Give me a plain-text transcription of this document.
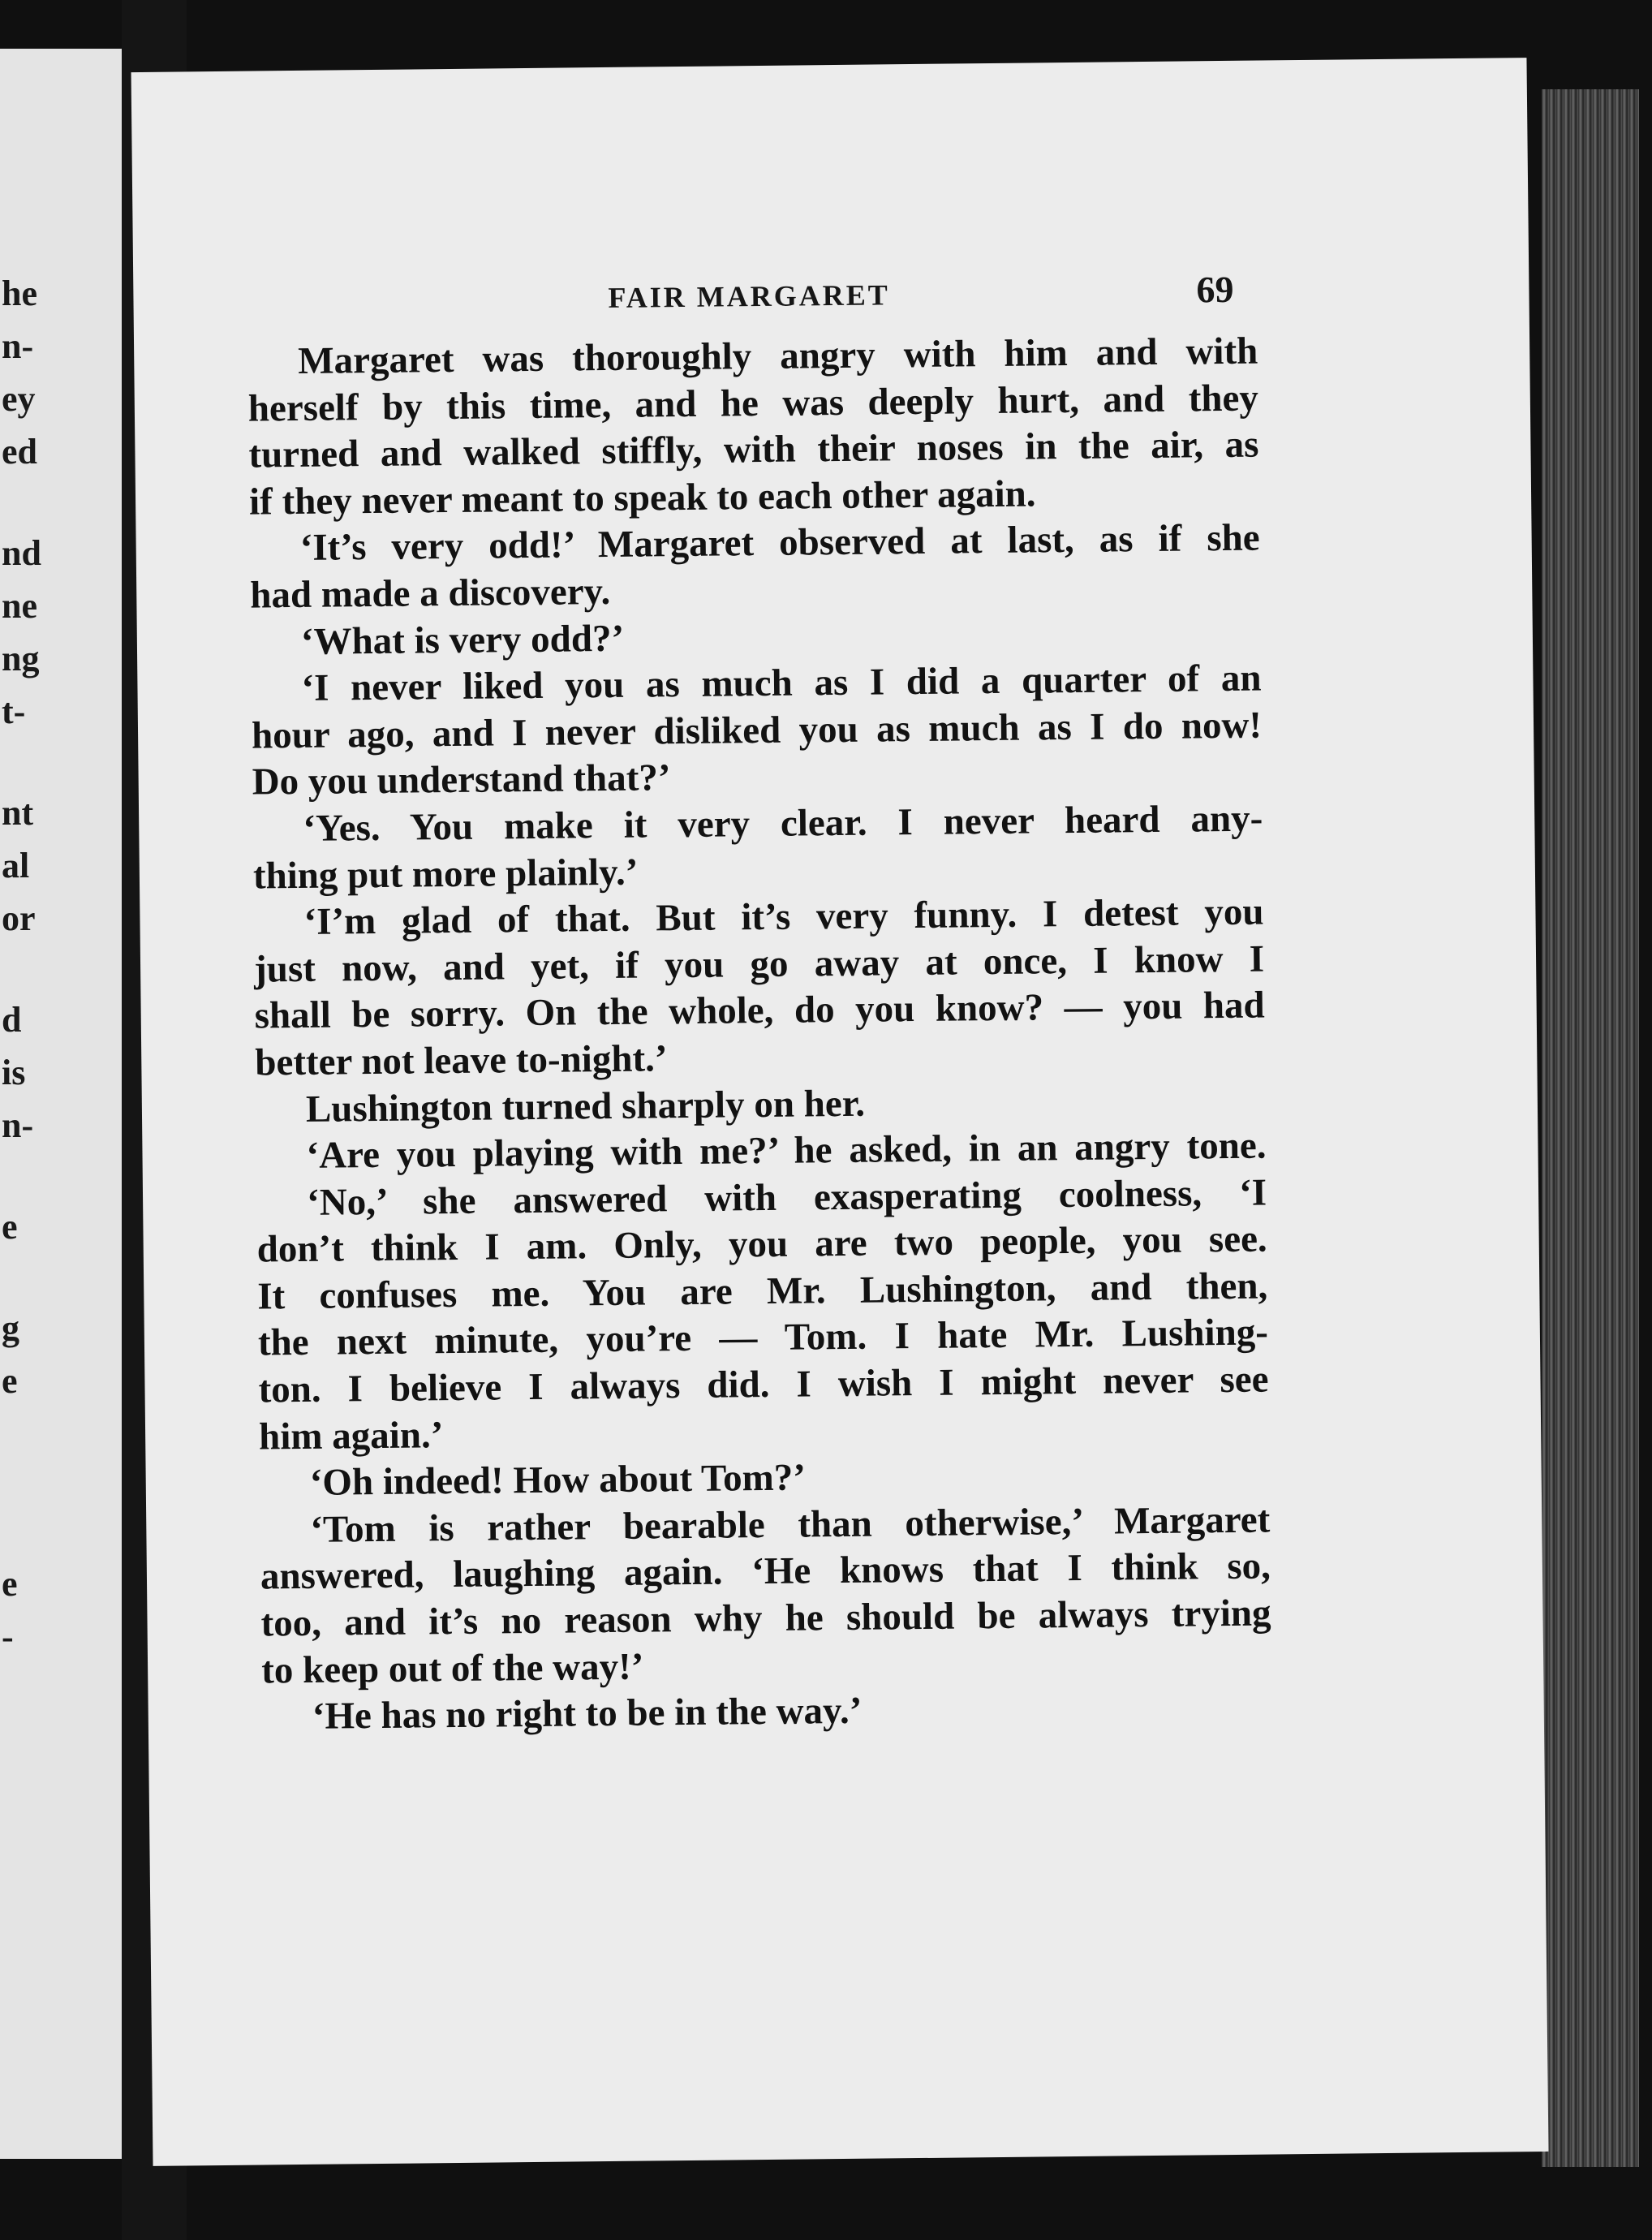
he
n-
ey
ed
nd
ne
ng
t-
nt
al
or
d
is
n-
e
g
e
e
-
FAIR MARGARET	69
Margaret was thoroughly angry with him and with
herself by this time, and he was deeply hurt, and they
turned and walked stiffly, with their noses in the air, as
if they never meant to speak to each other again.
‘It’s very odd!’ Margaret observed at last, as if she
had made a discovery.
‘What is very odd?’
‘I never liked you as much as I did a quarter of an
hour ago, and I never disliked you as much as I do now!
Do you understand that?’
‘Yes. You make it very clear. I never heard any-
thing put more plainly.’
‘I’m glad of that. But it’s very funny. I detest you
just now, and yet, if you go away at once, I know I
shall be sorry. On the whole, do you know? — you had
better not leave to-night.’
Lushington turned sharply on her.
‘Are you playing with me?’ he asked, in an angry tone.
‘No,’ she answered with exasperating coolness, ‘I
don’t think I am. Only, you are two people, you see.
It confuses me. You are Mr. Lushington, and then,
the next minute, you’re — Tom. I hate Mr. Lushing-
ton. I believe I always did. I wish I might never see
him again.’
‘Oh indeed! How about Tom?’
‘Tom is rather bearable than otherwise,’ Margaret
answered, laughing again. ‘He knows that I think so,
too, and it’s no reason why he should be always trying
to keep out of the way!’
‘He has no right to be in the way.’
